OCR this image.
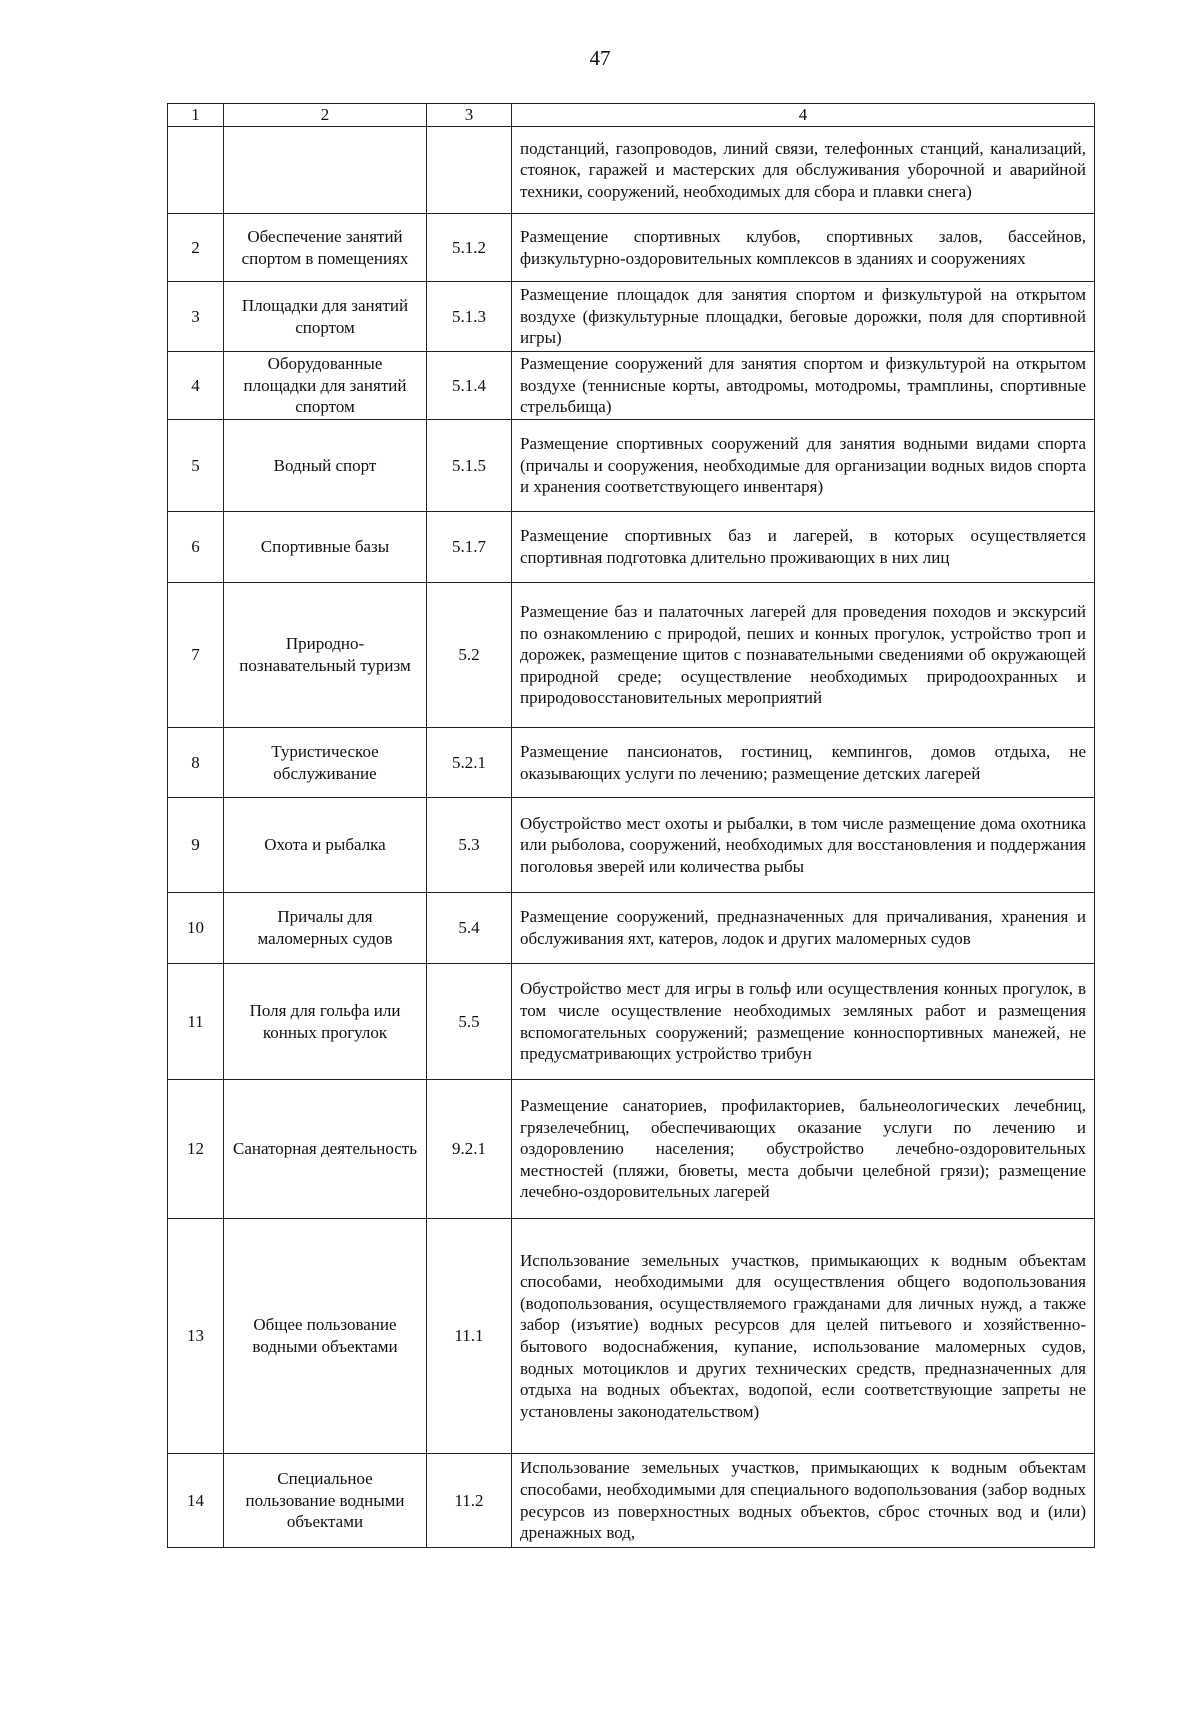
47
1	2	3	4
			подстанций, газопроводов, линий связи, телефонных станций, канализаций, стоянок, гаражей и мастерских для обслуживания уборочной и аварийной техники, сооружений, необходимых для сбора и плавки снега)
2	Обеспечение занятий спортом в помещениях	5.1.2	Размещение спортивных клубов, спортивных залов, бассейнов, физкультурно-оздоровительных комплексов в зданиях и сооружениях
3	Площадки для занятий спортом	5.1.3	Размещение площадок для занятия спортом и физкультурой на открытом воздухе (физкультурные площадки, беговые дорожки, поля для спортивной игры)
4	Оборудованные площадки для занятий спортом	5.1.4	Размещение сооружений для занятия спортом и физкультурой на открытом воздухе (теннисные корты, автодромы, мотодромы, трамплины, спортивные стрельбища)
5	Водный спорт	5.1.5	Размещение спортивных сооружений для занятия водными видами спорта (причалы и сооружения, необходимые для организации водных видов спорта и хранения соответствующего инвентаря)
6	Спортивные базы	5.1.7	Размещение спортивных баз и лагерей, в которых осуществляется спортивная подготовка длительно проживающих в них лиц
7	Природно-познавательный туризм	5.2	Размещение баз и палаточных лагерей для проведения походов и экскурсий по ознакомлению с природой, пеших и конных прогулок, устройство троп и дорожек, размещение щитов с познавательными сведениями об окружающей природной среде; осуществление необходимых природоохранных и природовосстановительных мероприятий
8	Туристическое обслуживание	5.2.1	Размещение пансионатов, гостиниц, кемпингов, домов отдыха, не оказывающих услуги по лечению; размещение детских лагерей
9	Охота и рыбалка	5.3	Обустройство мест охоты и рыбалки, в том числе размещение дома охотника или рыболова, сооружений, необходимых для восстановления и поддержания поголовья зверей или количества рыбы
10	Причалы для маломерных судов	5.4	Размещение сооружений, предназначенных для причаливания, хранения и обслуживания яхт, катеров, лодок и других маломерных судов
11	Поля для гольфа или конных прогулок	5.5	Обустройство мест для игры в гольф или осуществления конных прогулок, в том числе осуществление необходимых земляных работ и размещения вспомогательных сооружений; размещение конноспортивных манежей, не предусматривающих устройство трибун
12	Санаторная деятельность	9.2.1	Размещение санаториев, профилакториев, бальнеологических лечебниц, грязелечебниц, обеспечивающих оказание услуги по лечению и оздоровлению населения; обустройство лечебно-оздоровительных местностей (пляжи, бюветы, места добычи целебной грязи); размещение лечебно-оздоровительных лагерей
13	Общее пользование водными объектами	11.1	Использование земельных участков, примыкающих к водным объектам способами, необходимыми для осуществления общего водопользования (водопользования, осуществляемого гражданами для личных нужд, а также забор (изъятие) водных ресурсов для целей питьевого и хозяйственно-бытового водоснабжения, купание, использование маломерных судов, водных мотоциклов и других технических средств, предназначенных для отдыха на водных объектах, водопой, если соответствующие запреты не установлены законодательством)
14	Специальное пользование водными объектами	11.2	Использование земельных участков, примыкающих к водным объектам способами, необходимыми для специального водопользования (забор водных ресурсов из поверхностных водных объектов, сброс сточных вод и (или) дренажных вод,
